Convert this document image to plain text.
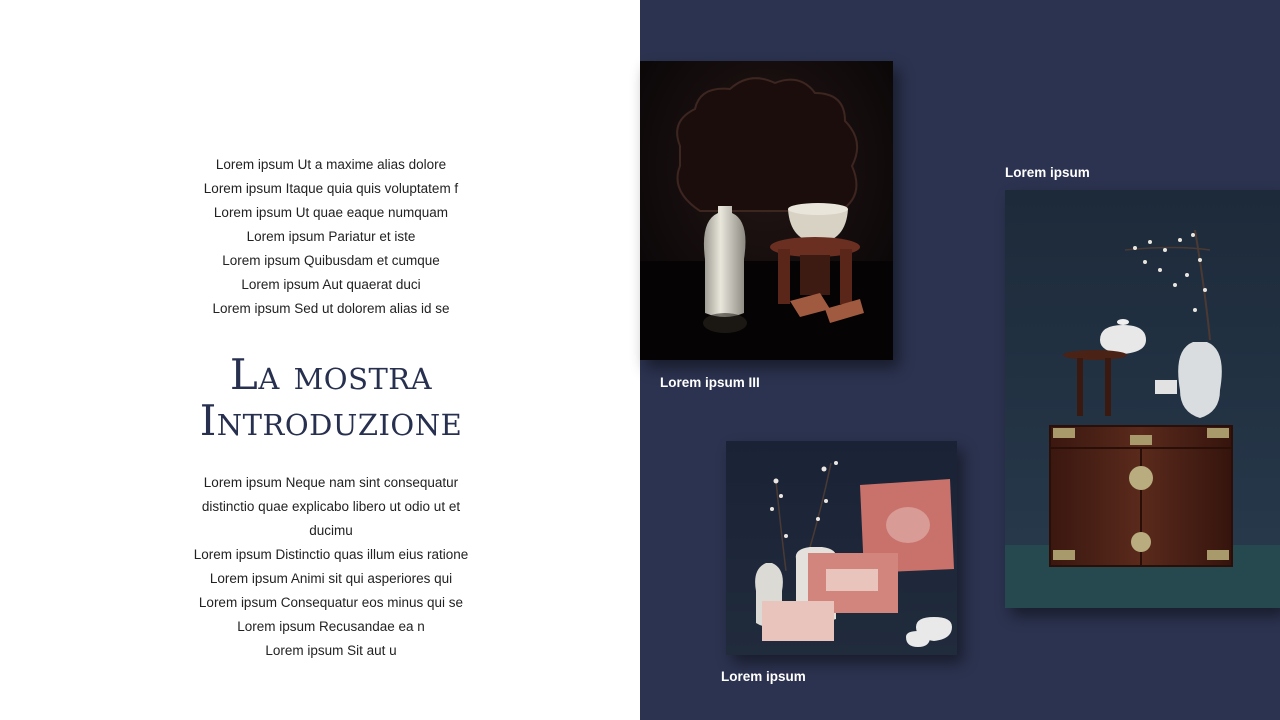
Lorem ipsum Ut a maxime alias dolore
Lorem ipsum Itaque quia quis voluptatem f
Lorem ipsum Ut quae eaque numquam
Lorem ipsum Pariatur et iste
Lorem ipsum Quibusdam et cumque
Lorem ipsum Aut quaerat duci
Lorem ipsum Sed ut dolorem alias id se
La mostra
Introduzione
Lorem ipsum Neque nam sint consequatur
distinctio quae explicabo libero ut odio ut et
ducimu
Lorem ipsum Distinctio quas illum eius ratione
Lorem ipsum Animi sit qui asperiores qui
Lorem ipsum Consequatur eos minus qui se
Lorem ipsum Recusandae ea n
Lorem ipsum Sit aut u
Lorem ipsum III
Lorem ipsum
Lorem ipsum
